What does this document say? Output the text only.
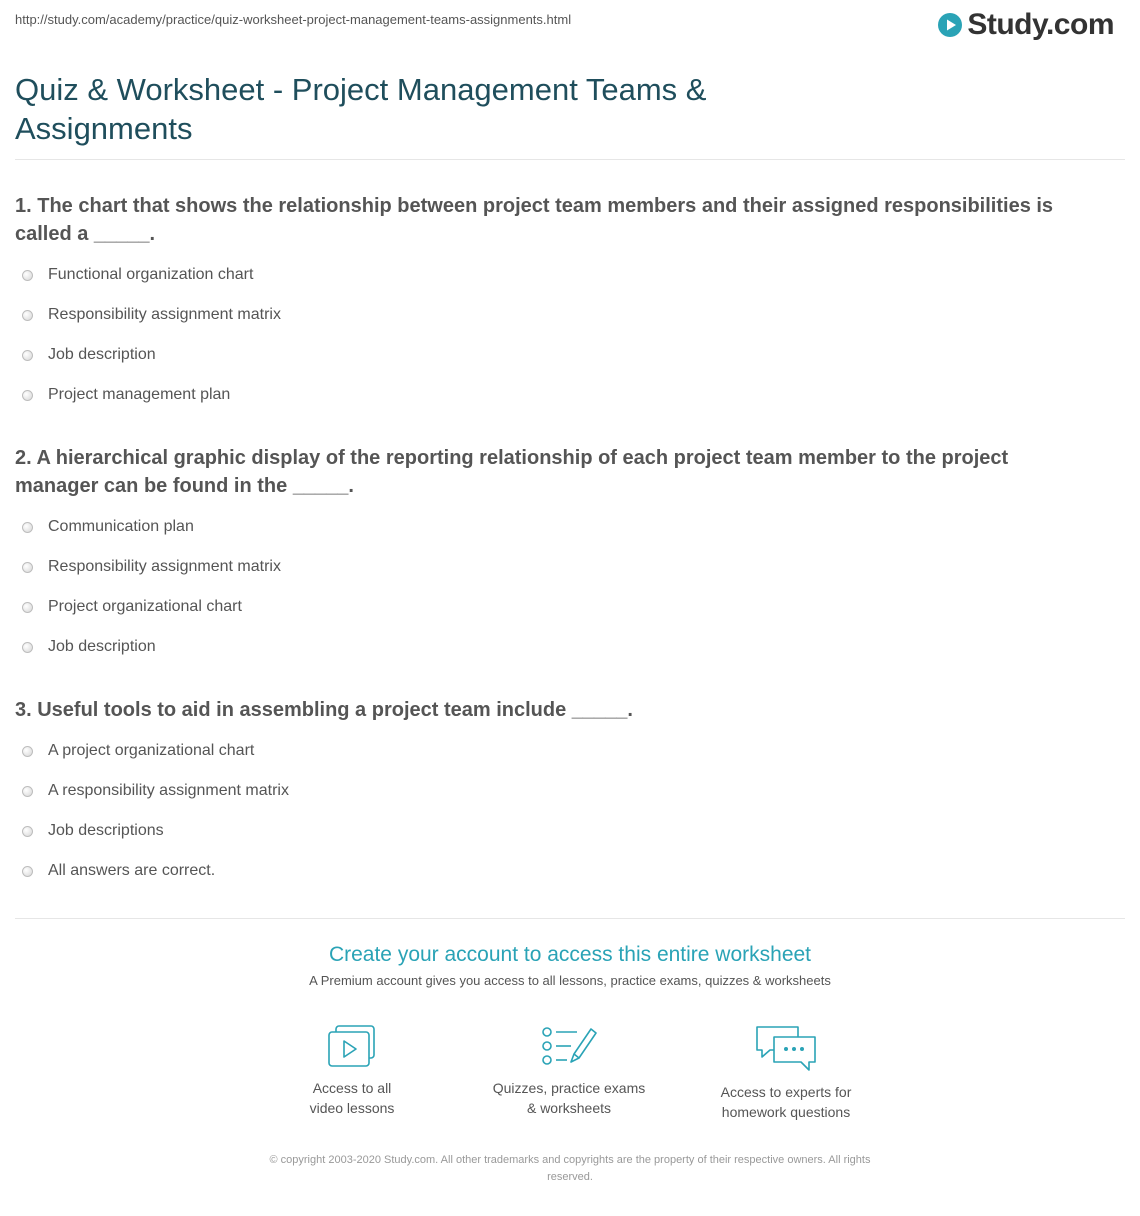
http://study.com/academy/practice/quiz-worksheet-project-management-teams-assignments.html	Study.com
Quiz & Worksheet - Project Management Teams &
Assignments

1. The chart that shows the relationship between project team members and their assigned responsibilities is
called a _____.

Functional organization chart
Responsibility assignment matrix
Job description
Project management plan

2. A hierarchical graphic display of the reporting relationship of each project team member to the project
manager can be found in the _____.

Communication plan
Responsibility assignment matrix
Project organizational chart
Job description

3. Useful tools to aid in assembling a project team include _____.

A project organizational chart
A responsibility assignment matrix
Job descriptions
All answers are correct.
Create your account to access this entire worksheet
A Premium account gives you access to all lessons, practice exams, quizzes & worksheets
Access to all
video lessons
Quizzes, practice exams
& worksheets
Access to experts for
homework questions
© copyright 2003-2020 Study.com. All other trademarks and copyrights are the property of their respective owners. All rights
reserved.
